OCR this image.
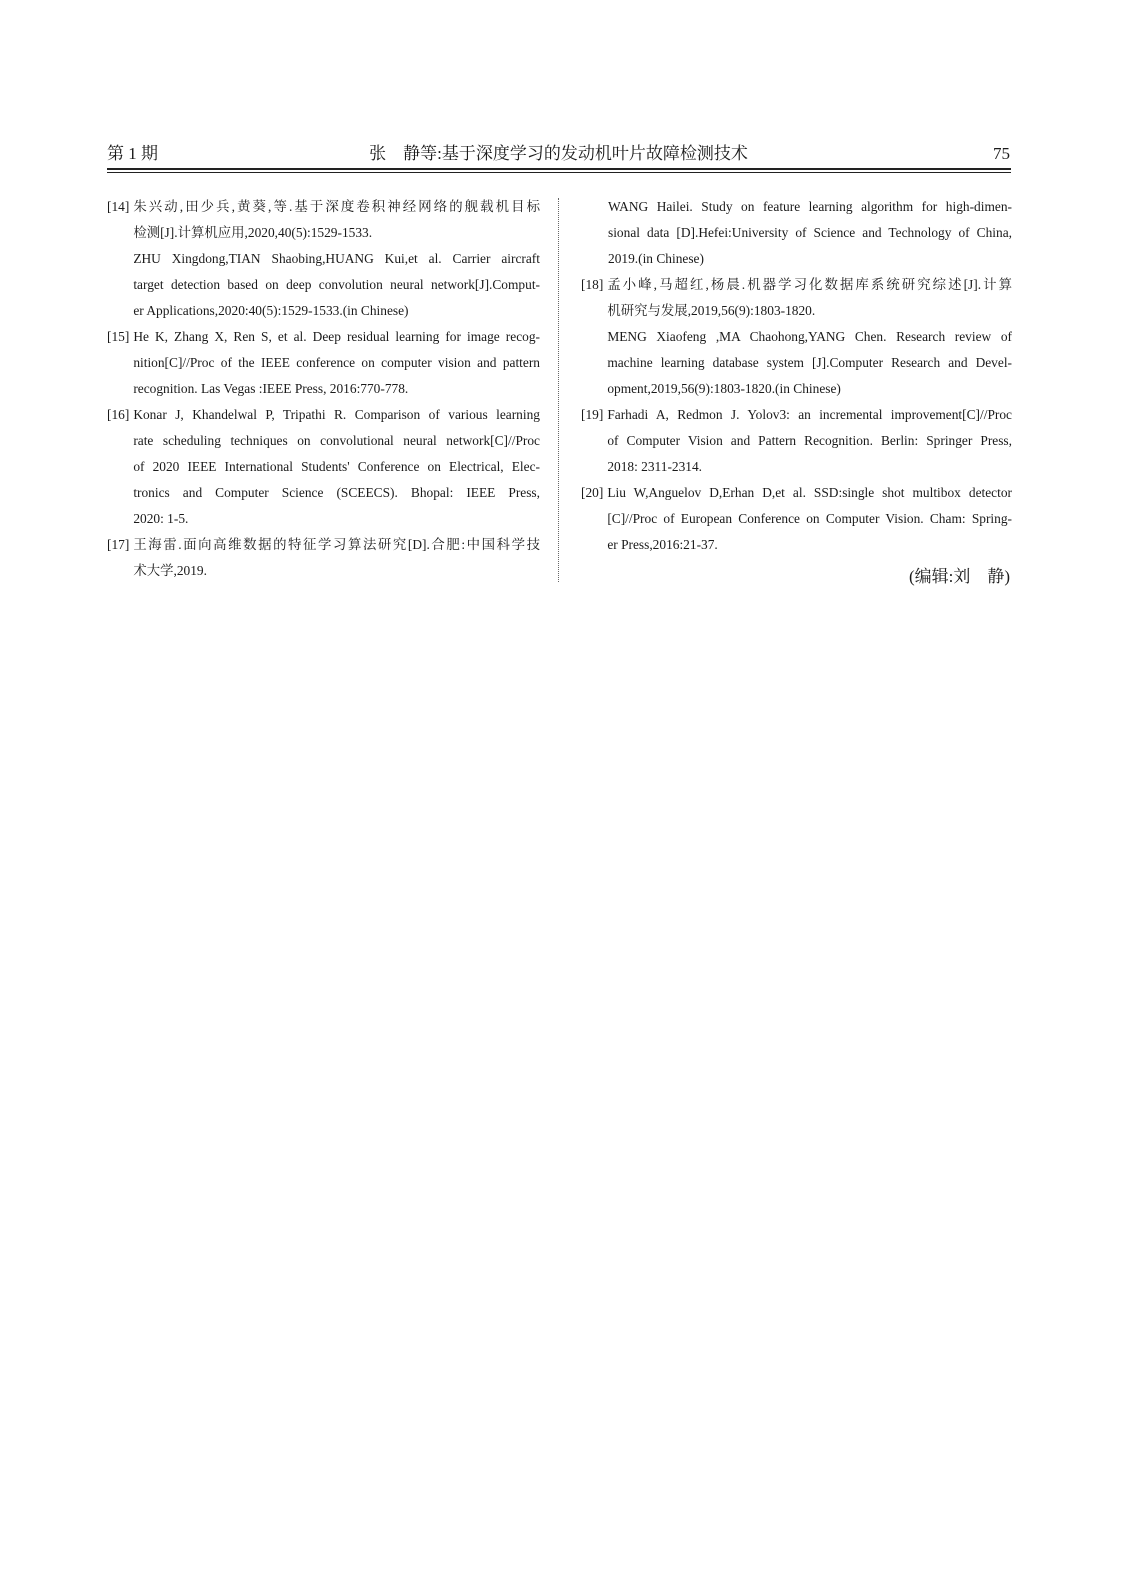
第 1 期	张　静等:基于深度学习的发动机叶片故障检测技术	75
[14] 朱兴动,田少兵,黄葵,等.基于深度卷积神经网络的舰载机目标
检测[J].计算机应用,2020,40(5):1529-1533.
ZHU Xingdong,TIAN Shaobing,HUANG Kui,et al. Carrier aircraft
target detection based on deep convolution neural network[J].Comput-
er Applications,2020:40(5):1529-1533.(in Chinese)
[15] He K, Zhang X, Ren S, et al. Deep residual learning for image recog-
nition[C]//Proc of the IEEE conference on computer vision and pattern
recognition. Las Vegas :IEEE Press, 2016:770-778.
[16] Konar J, Khandelwal P, Tripathi R. Comparison of various learning
rate scheduling techniques on convolutional neural network[C]//Proc
of 2020 IEEE International Students' Conference on Electrical, Elec-
tronics and Computer Science (SCEECS). Bhopal: IEEE Press,
2020: 1-5.
[17] 王海雷.面向高维数据的特征学习算法研究[D].合肥:中国科学技
术大学,2019.
WANG Hailei. Study on feature learning algorithm for high-dimen-
sional data [D].Hefei:University of Science and Technology of China,
2019.(in Chinese)
[18] 孟小峰,马超红,杨晨.机器学习化数据库系统研究综述[J].计算
机研究与发展,2019,56(9):1803-1820.
MENG Xiaofeng ,MA Chaohong,YANG Chen. Research review of
machine learning database system [J].Computer Research and Devel-
opment,2019,56(9):1803-1820.(in Chinese)
[19] Farhadi A, Redmon J. Yolov3: an incremental improvement[C]//Proc
of Computer Vision and Pattern Recognition. Berlin: Springer Press,
2018: 2311-2314.
[20] Liu W,Anguelov D,Erhan D,et al. SSD:single shot multibox detector
[C]//Proc of European Conference on Computer Vision. Cham: Spring-
er Press,2016:21-37.
(编辑:刘　静)
